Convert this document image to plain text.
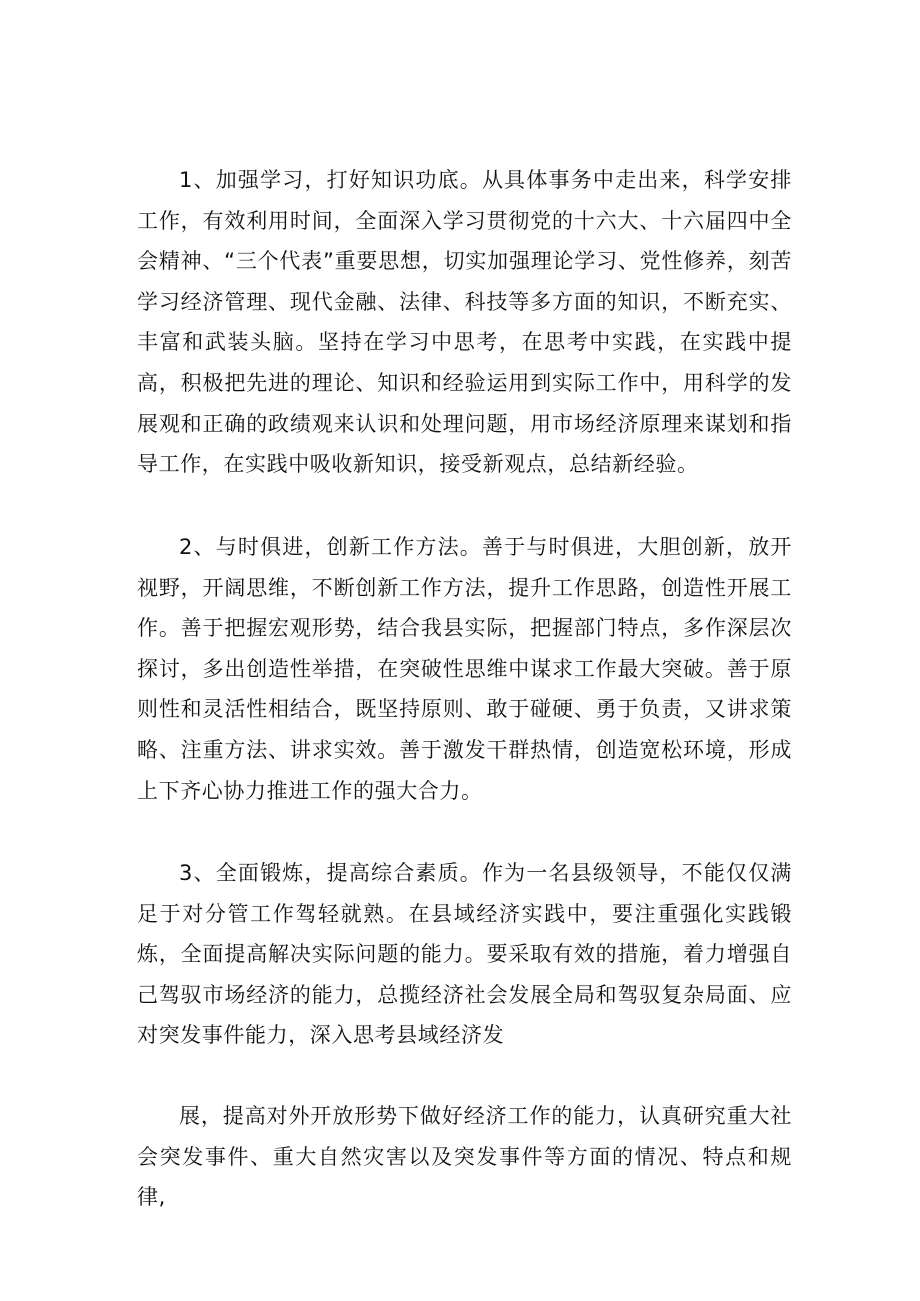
1、加强学习，打好知识功底。从具体事务中走出来，科学安排工作，有效利用时间，全面深入学习贯彻党的十六大、十六届四中全会精神、“三个代表”重要思想，切实加强理论学习、党性修养，刻苦学习经济管理、现代金融、法律、科技等多方面的知识，不断充实、丰富和武装头脑。坚持在学习中思考，在思考中实践，在实践中提高，积极把先进的理论、知识和经验运用到实际工作中，用科学的发展观和正确的政绩观来认识和处理问题，用市场经济原理来谋划和指导工作，在实践中吸收新知识，接受新观点，总结新经验。

2、与时俱进，创新工作方法。善于与时俱进，大胆创新，放开视野，开阔思维，不断创新工作方法，提升工作思路，创造性开展工作。善于把握宏观形势，结合我县实际，把握部门特点，多作深层次探讨，多出创造性举措，在突破性思维中谋求工作最大突破。善于原则性和灵活性相结合，既坚持原则、敢于碰硬、勇于负责，又讲求策略、注重方法、讲求实效。善于激发干群热情，创造宽松环境，形成上下齐心协力推进工作的强大合力。

3、全面锻炼，提高综合素质。作为一名县级领导，不能仅仅满足于对分管工作驾轻就熟。在县域经济实践中，要注重强化实践锻炼，全面提高解决实际问题的能力。要采取有效的措施，着力增强自己驾驭市场经济的能力，总揽经济社会发展全局和驾驭复杂局面、应对突发事件能力，深入思考县域经济发

展，提高对外开放形势下做好经济工作的能力，认真研究重大社会突发事件、重大自然灾害以及突发事件等方面的情况、特点和规律,
